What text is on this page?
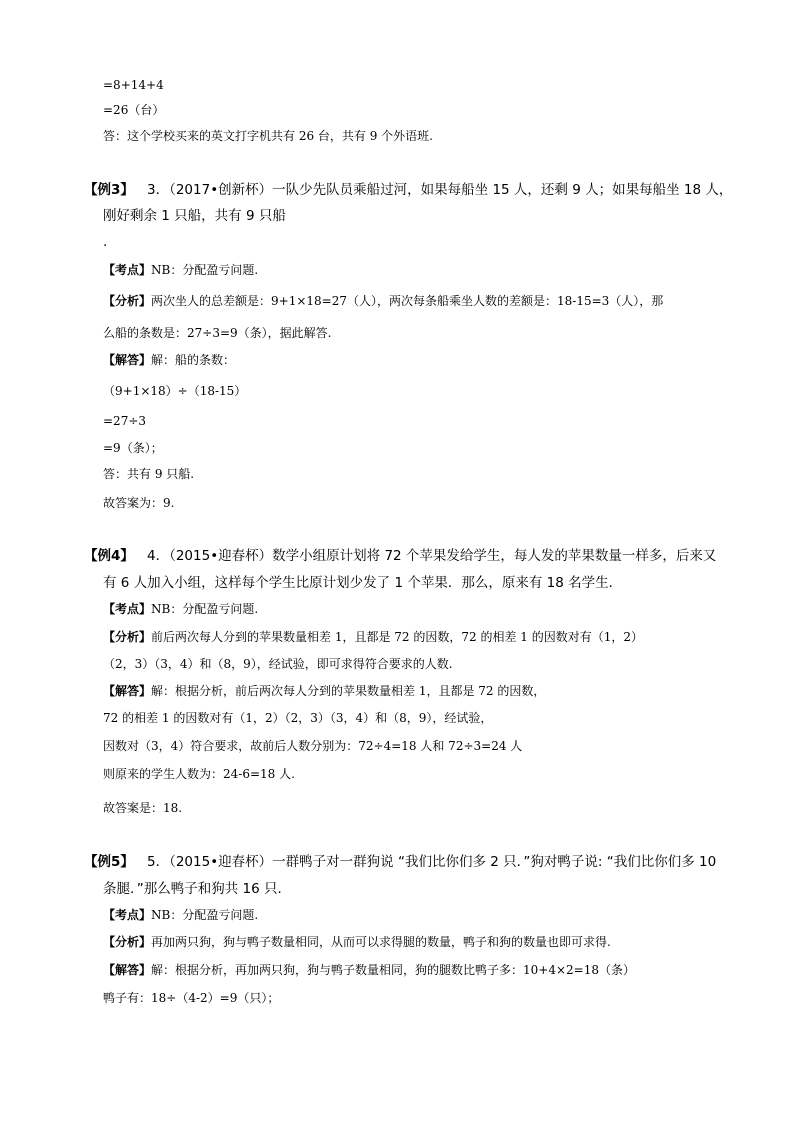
=8+14+4
=26（台）
答：这个学校买来的英文打字机共有 26 台，共有 9 个外语班.
【例3】 3．（2017•创新杯）一队少先队员乘船过河，如果每船坐 15 人，还剩 9 人；如果每船坐 18 人，
刚好剩余 1 只船，共有 9 只船
.
【考点】NB：分配盈亏问题.
【分析】两次坐人的总差额是：9+1×18=27（人），两次每条船乘坐人数的差额是：18-15=3（人），那
么船的条数是：27÷3=9（条），据此解答.
【解答】解：船的条数：
（9+1×18）÷（18-15）
=27÷3
=9（条）；
答：共有 9 只船.
故答案为：9.
【例4】 4．（2015•迎春杯）数学小组原计划将 72 个苹果发给学生，每人发的苹果数量一样多，后来又
有 6 人加入小组，这样每个学生比原计划少发了 1 个苹果．那么，原来有 18 名学生．
【考点】NB：分配盈亏问题.
【分析】前后两次每人分到的苹果数量相差 1，且都是 72 的因数，72 的相差 1 的因数对有（1，2）
（2，3）（3，4）和（8，9），经试验，即可求得符合要求的人数.
【解答】解：根据分析，前后两次每人分到的苹果数量相差 1，且都是 72 的因数，
72 的相差 1 的因数对有（1，2）（2，3）（3，4）和（8，9），经试验，
因数对（3，4）符合要求，故前后人数分别为：72÷4=18 人和 72÷3=24 人
则原来的学生人数为：24-6=18 人.
故答案是：18.
【例5】 5．（2015•迎春杯）一群鸭子对一群狗说 “我们比你们多 2 只．”狗对鸭子说: “我们比你们多 10
条腿．”那么鸭子和狗共 16 只．
【考点】NB：分配盈亏问题.
【分析】再加两只狗，狗与鸭子数量相同，从而可以求得腿的数量，鸭子和狗的数量也即可求得.
【解答】解：根据分析，再加两只狗，狗与鸭子数量相同，狗的腿数比鸭子多：10+4×2=18（条）
鸭子有：18÷（4-2）=9（只）；
